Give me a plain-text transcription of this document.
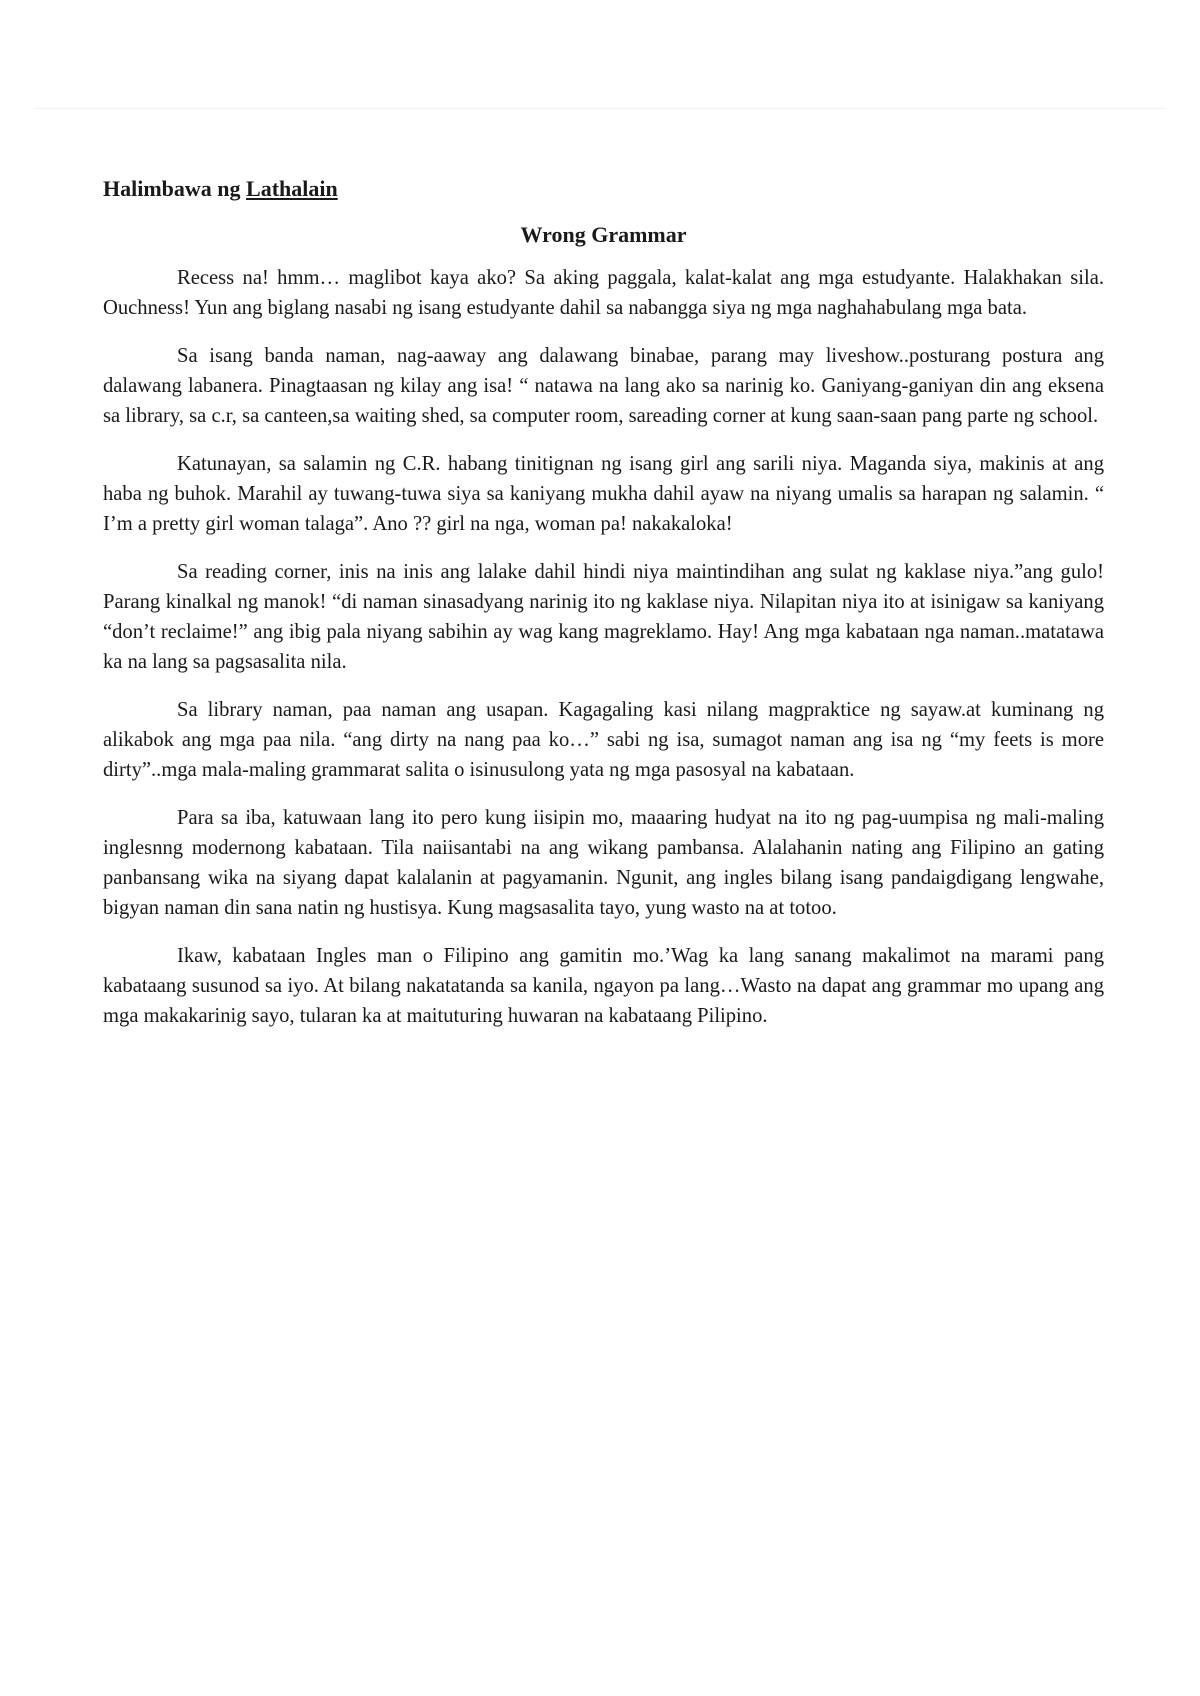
Halimbawa ng Lathalain
Wrong Grammar

Recess na! hmm… maglibot kaya ako? Sa aking paggala, kalat-kalat ang mga estudyante. Halakhakan sila. Ouchness! Yun ang biglang nasabi ng isang estudyante dahil sa nabangga siya ng mga naghahabulang mga bata.

Sa isang banda naman, nag-aaway ang dalawang binabae, parang may liveshow..posturang postura ang dalawang labanera. Pinagtaasan ng kilay ang isa! “ natawa na lang ako sa narinig ko. Ganiyang-ganiyan din ang eksena sa library, sa c.r, sa canteen,sa waiting shed, sa computer room, sareading corner at kung saan-saan pang parte ng school.

Katunayan, sa salamin ng C.R. habang tinitignan ng isang girl ang sarili niya. Maganda siya, makinis at ang haba ng buhok. Marahil ay tuwang-tuwa siya sa kaniyang mukha dahil ayaw na niyang umalis sa harapan ng salamin. “ I’m a pretty girl woman talaga”. Ano ?? girl na nga, woman pa! nakakaloka!

Sa reading corner, inis na inis ang lalake dahil hindi niya maintindihan ang sulat ng kaklase niya.”ang gulo! Parang kinalkal ng manok! “di naman sinasadyang narinig ito ng kaklase niya. Nilapitan niya ito at isinigaw sa kaniyang “don’t reclaime!” ang ibig pala niyang sabihin ay wag kang magreklamo. Hay! Ang mga kabataan nga naman..matatawa ka na lang sa pagsasalita nila.

Sa library naman, paa naman ang usapan. Kagagaling kasi nilang magpraktice ng sayaw.at kuminang ng alikabok ang mga paa nila. “ang dirty na nang paa ko…” sabi ng isa, sumagot naman ang isa ng “my feets is more dirty”..mga mala-maling grammarat salita o isinusulong yata ng mga pasosyal na kabataan.

Para sa iba, katuwaan lang ito pero kung iisipin mo, maaaring hudyat na ito ng pag-uumpisa ng mali-maling inglesnng modernong kabataan. Tila naiisantabi na ang wikang pambansa. Alalahanin nating ang Filipino an gating panbansang wika na siyang dapat kalalanin at pagyamanin. Ngunit, ang ingles bilang isang pandaigdigang lengwahe, bigyan naman din sana natin ng hustisya. Kung magsasalita tayo, yung wasto na at totoo.

Ikaw, kabataan Ingles man o Filipino ang gamitin mo.’Wag ka lang sanang makalimot na marami pang kabataang susunod sa iyo. At bilang nakatatanda sa kanila, ngayon pa lang…Wasto na dapat ang grammar mo upang ang mga makakarinig sayo, tularan ka at maituturing huwaran na kabataang Pilipino.
